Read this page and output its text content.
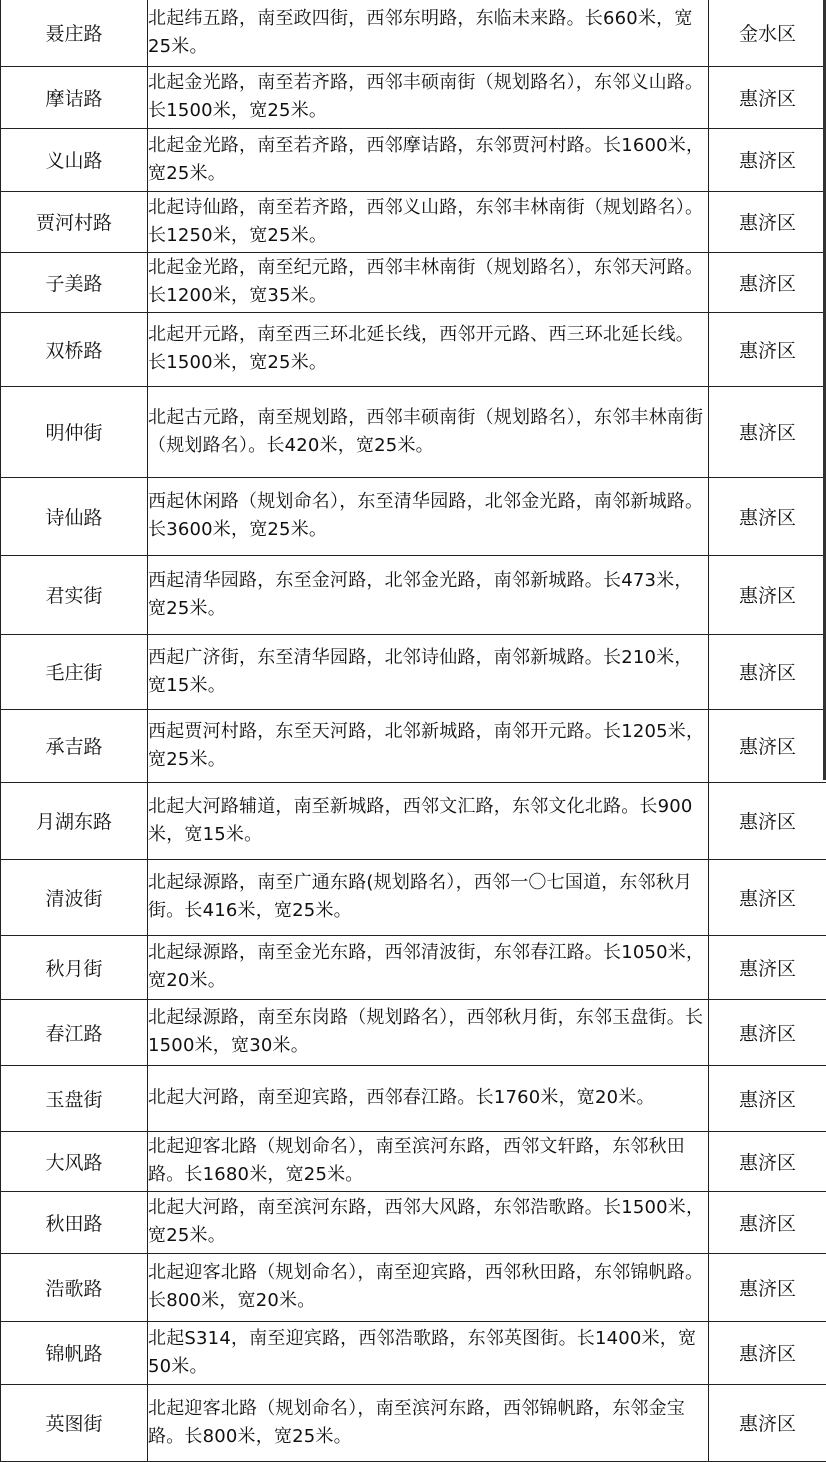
聂庄路	北起纬五路，南至政四街，西邻东明路，东临未来路。长660米，宽25米。	金水区
摩诘路	北起金光路，南至若齐路，西邻丰硕南街（规划路名），东邻义山路。长1500米，宽25米。	惠济区
义山路	北起金光路，南至若齐路，西邻摩诘路，东邻贾河村路。长1600米，宽25米。	惠济区
贾河村路	北起诗仙路，南至若齐路，西邻义山路，东邻丰林南街（规划路名）。长1250米，宽25米。	惠济区
子美路	北起金光路，南至纪元路，西邻丰林南街（规划路名），东邻天河路。长1200米，宽35米。	惠济区
双桥路	北起开元路，南至西三环北延长线，西邻开元路、西三环北延长线。长1500米，宽25米。	惠济区
明仲街	北起古元路，南至规划路，西邻丰硕南街（规划路名），东邻丰林南街（规划路名）。长420米，宽25米。	惠济区
诗仙路	西起休闲路（规划命名），东至清华园路，北邻金光路，南邻新城路。长3600米，宽25米。	惠济区
君实街	西起清华园路，东至金河路，北邻金光路，南邻新城路。长473米，宽25米。	惠济区
毛庄街	西起广济街，东至清华园路，北邻诗仙路，南邻新城路。长210米，宽15米。	惠济区
承吉路	西起贾河村路，东至天河路，北邻新城路，南邻开元路。长1205米，宽25米。	惠济区
月湖东路	北起大河路辅道，南至新城路，西邻文汇路，东邻文化北路。长900米，宽15米。	惠济区
清波街	北起绿源路，南至广通东路(规划路名），西邻一〇七国道，东邻秋月街。长416米，宽25米。	惠济区
秋月街	北起绿源路，南至金光东路，西邻清波街，东邻春江路。长1050米，宽20米。	惠济区
春江路	北起绿源路，南至东岗路（规划路名），西邻秋月街，东邻玉盘街。长1500米，宽30米。	惠济区
玉盘街	北起大河路，南至迎宾路，西邻春江路。长1760米，宽20米。	惠济区
大风路	北起迎客北路（规划命名），南至滨河东路，西邻文轩路，东邻秋田路。长1680米，宽25米。	惠济区
秋田路	北起大河路，南至滨河东路，西邻大风路，东邻浩歌路。长1500米，宽25米。	惠济区
浩歌路	北起迎客北路（规划命名），南至迎宾路，西邻秋田路，东邻锦帆路。长800米，宽20米。	惠济区
锦帆路	北起S314，南至迎宾路，西邻浩歌路，东邻英图街。长1400米，宽50米。	惠济区
英图街	北起迎客北路（规划命名），南至滨河东路，西邻锦帆路，东邻金宝路。长800米，宽25米。	惠济区
